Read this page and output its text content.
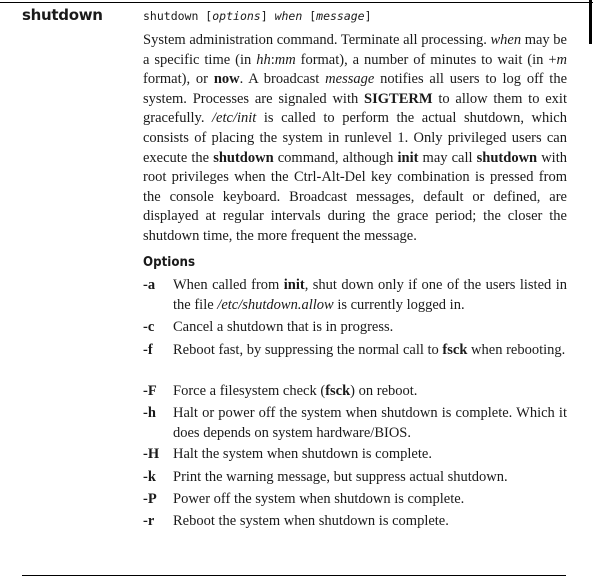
shutdown	shutdown [options] when [message]

System administration command. Terminate all processing. when may be a specific time (in hh:mm format), a number of minutes to wait (in +m format), or now. A broadcast message notifies all users to log off the system. Processes are signaled with SIGTERM to allow them to exit gracefully. /etc/init is called to perform the actual shutdown, which consists of placing the system in runlevel 1. Only privileged users can execute the shutdown command, although init may call shutdown with root privileges when the Ctrl-Alt-Del key combination is pressed from the console keyboard. Broadcast messages, default or defined, are displayed at regular intervals during the grace period; the closer the shutdown time, the more frequent the message.

Options
-a When called from init, shut down only if one of the users listed in the file /etc/shutdown.allow is currently logged in.
-c Cancel a shutdown that is in progress.
-f Reboot fast, by suppressing the normal call to fsck when rebooting.
-F Force a filesystem check (fsck) on reboot.
-h Halt or power off the system when shutdown is complete. Which it does depends on system hardware/BIOS.
-H Halt the system when shutdown is complete.
-k Print the warning message, but suppress actual shutdown.
-P Power off the system when shutdown is complete.
-r Reboot the system when shutdown is complete.
